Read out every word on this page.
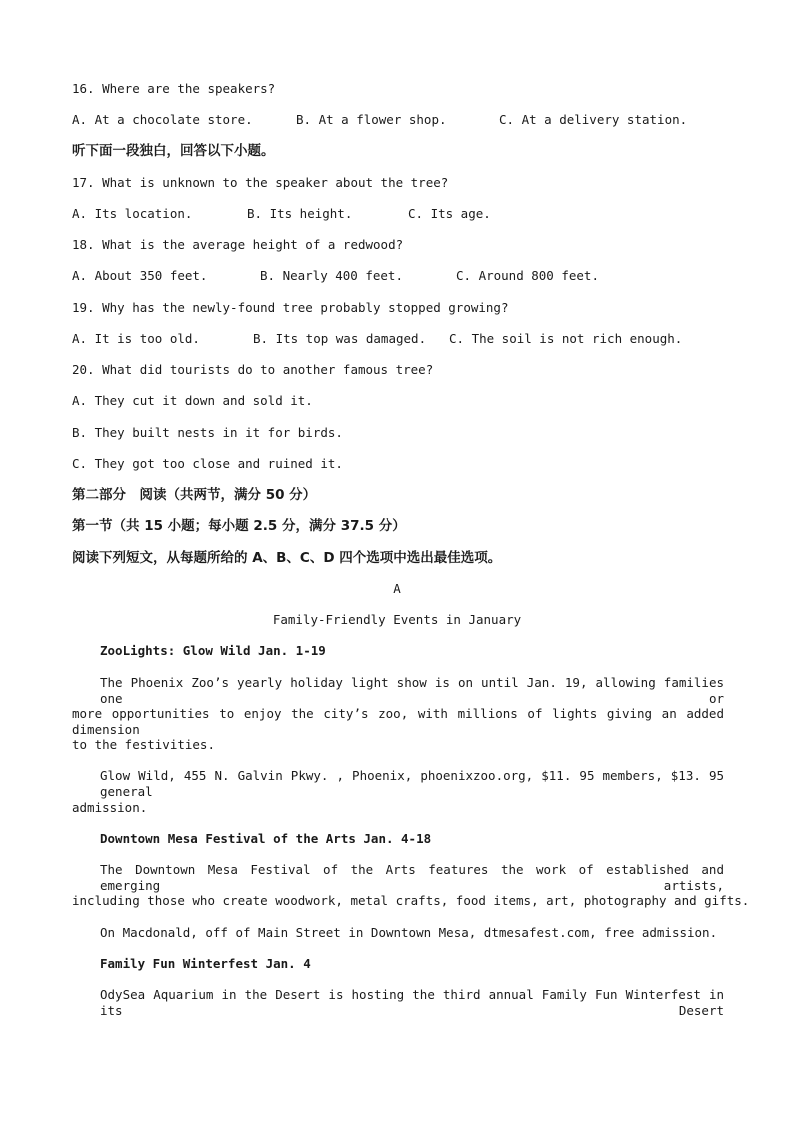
16. Where are the speakers?
A. At a chocolate store.	B. At a flower shop.	C. At a delivery station.
听下面一段独白，回答以下小题。
17. What is unknown to the speaker about the tree?
A. Its location.	B. Its height.	C. Its age.
18. What is the average height of a redwood?
A. About 350 feet.	B. Nearly 400 feet.	C. Around 800 feet.
19. Why has the newly-found tree probably stopped growing?
A. It is too old.	B. Its top was damaged. C. The soil is not rich enough.
20. What did tourists do to another famous tree?
A. They cut it down and sold it.
B. They built nests in it for birds.
C. They got too close and ruined it.
第二部分　阅读（共两节，满分 50 分）
第一节（共 15 小题；每小题 2.5 分，满分 37.5 分）
阅读下列短文，从每题所给的 A、B、C、D 四个选项中选出最佳选项。
A
Family-Friendly Events in January
ZooLights: Glow Wild Jan. 1-19
The Phoenix Zoo’s yearly holiday light show is on until Jan. 19, allowing families one or
more opportunities to enjoy the city’s zoo, with millions of lights giving an added dimension
to the festivities.
Glow Wild, 455 N. Galvin Pkwy. , Phoenix, phoenixzoo.org, $11. 95 members, $13. 95 general
admission.
Downtown Mesa Festival of the Arts Jan. 4-18
The Downtown Mesa Festival of the Arts features the work of established and emerging artists,
including those who create woodwork, metal crafts, food items, art, photography and gifts.
On Macdonald, off of Main Street in Downtown Mesa, dtmesafest.com, free admission.
Family Fun Winterfest Jan. 4
OdySea Aquarium in the Desert is hosting the third annual Family Fun Winterfest in its Desert
